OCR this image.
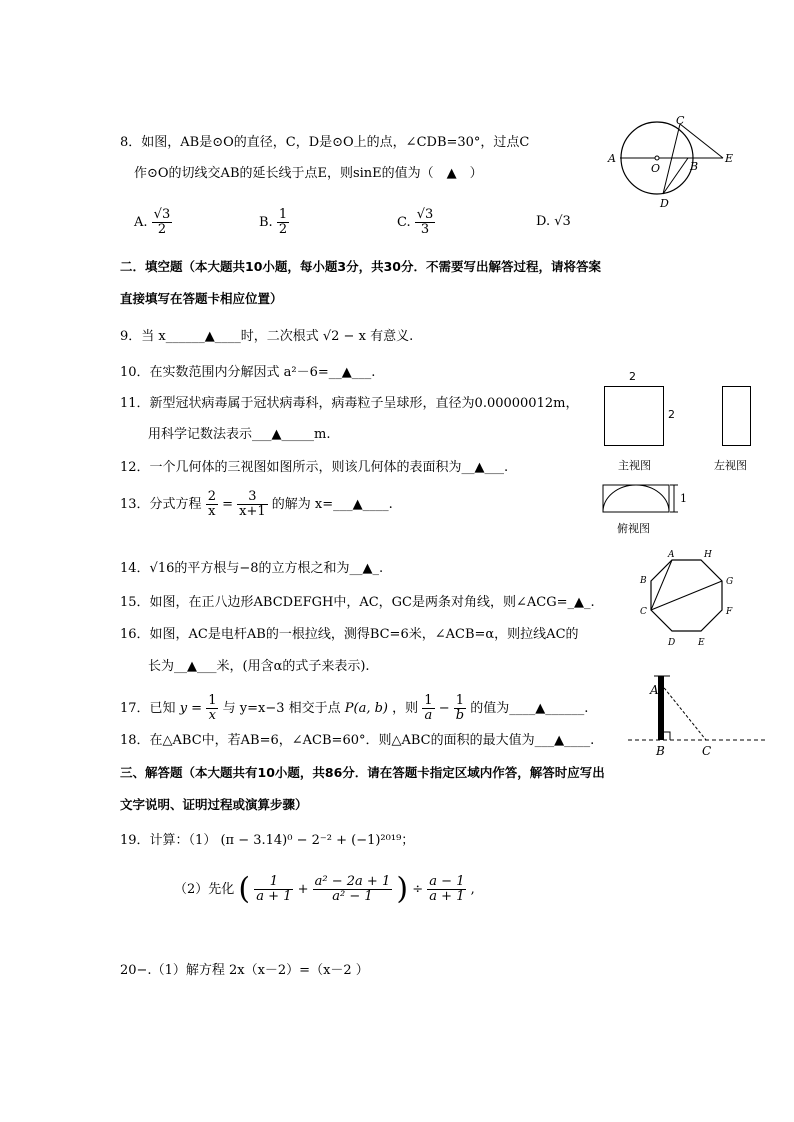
8．如图，AB是⊙O的直径，C，D是⊙O上的点，∠CDB=30°，过点C
作⊙O的切线交AB的延长线于点E，则sinE的值为（　▲　）
A. $\frac{√3}{2}$	B. $\frac{1}{2}$	C. $\frac{√3}{3}$	D. √3
A
C
O	B
E
D
二．填空题（本大题共10小题，每小题3分，共30分．不需要写出解答过程，请将答案
直接填写在答题卡相应位置）
9．当 x______▲____时，二次根式 √2 − x 有意义.
10．在实数范围内分解因式 a²－6=__▲___.
11．新型冠状病毒属于冠状病毒科，病毒粒子呈球形，直径为0.00000012m，
用科学记数法表示___▲_____m.
12．一个几何体的三视图如图所示，则该几何体的表面积为__▲___.
13．分式方程 $\frac{2}{x} = \frac{3}{x+1}$ 的解为 x=___▲____.
2
2
主视图	左视图
1
俯视图
14．√16的平方根与−8的立方根之和为__▲_.
A	H
B	G
C	F
D	E
15．如图，在正八边形ABCDEFGH中，AC，GC是两条对角线，则∠ACG=_▲_.
16．如图，AC是电杆AB的一根拉线，测得BC=6米，∠ACB=α，则拉线AC的
长为__▲___米，(用含α的式子来表示).
A
B	C
17．已知 $y = \frac{1}{x}$ 与 y=x−3 相交于点 P(a, b) ，则 $\frac{1}{a} - \frac{1}{b}$ 的值为____▲______.
18．在△ABC中，若AB=6，∠ACB=60°．则△ABC的面积的最大值为___▲____.
三、解答题（本大题共有10小题，共86分．请在答题卡指定区域内作答，解答时应写出
文字说明、证明过程或演算步骤）
19．计算：（1） (π − 3.14)⁰ − 2⁻² + (−1)²⁰¹⁹；
（2）先化 ( $\frac{1}{a + 1} + \frac{\text{a² − 2a + 1}}{\text{a² − 1}}$ ) ÷ $\frac{a - 1}{a + 1}$ ,
20−.（1）解方程 2x（x－2）=（x－2 ）
